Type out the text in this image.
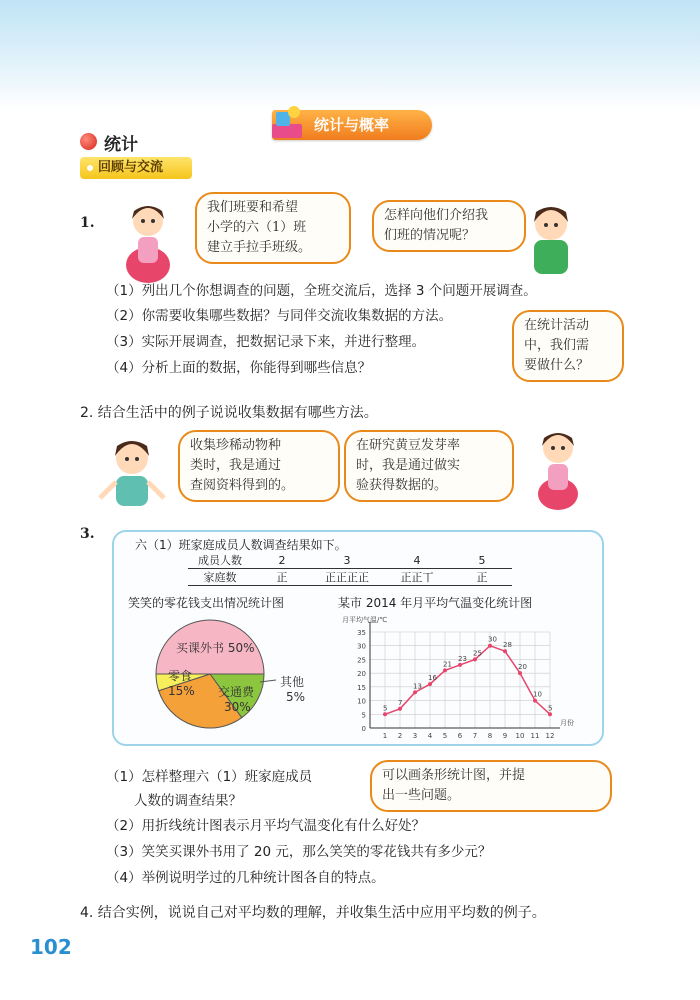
统计与概率
统计
回顾与交流
1.
我们班要和希望
小学的六（1）班
建立手拉手班级。
怎样向他们介绍我
们班的情况呢？
（1）列出几个你想调查的问题，全班交流后，选择 3 个问题开展调查。
（2）你需要收集哪些数据？与同伴交流收集数据的方法。
（3）实际开展调查，把数据记录下来，并进行整理。
（4）分析上面的数据，你能得到哪些信息？
在统计活动
中，我们需
要做什么？
2. 结合生活中的例子说说收集数据有哪些方法。
收集珍稀动物种
类时，我是通过
查阅资料得到的。
在研究黄豆发芽率
时，我是通过做实
验获得数据的。
3.
六（1）班家庭成员人数调查结果如下。
成员人数	2	3	4	5
家庭数	正	正正正正	正正丅	正
笑笑的零花钱支出情况统计图	某市 2014 年月平均气温变化统计图
买课外书 50%
零食
15% 交通费
30%
其他
5%
0
5
10
15
20
25
30
35
1 2 3 4 5 6 7 8 9 10 11 12
月平均气温/℃
月份
5
7
13
16
21
23
25
30
28
20
10
5
（1）怎样整理六（1）班家庭成员
人数的调查结果？
（2）用折线统计图表示月平均气温变化有什么好处？
（3）笑笑买课外书用了 20 元，那么笑笑的零花钱共有多少元？
（4）举例说明学过的几种统计图各自的特点。
可以画条形统计图，并提
出一些问题。
4. 结合实例，说说自己对平均数的理解，并收集生活中应用平均数的例子。
102
